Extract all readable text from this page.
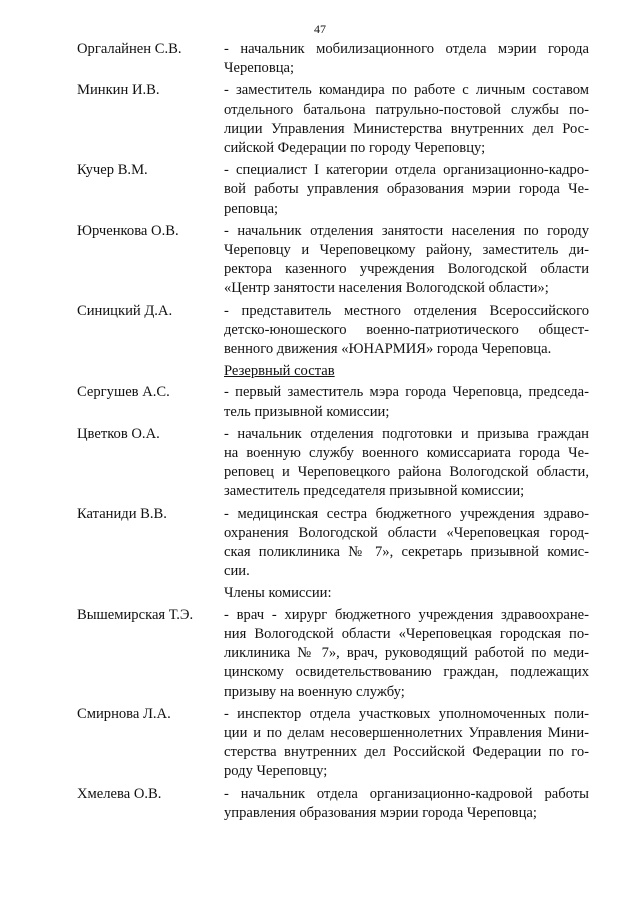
47
Оргалайнен С.В.	- начальник мобилизационного отдела мэрии города
Череповца;
Минкин И.В.	- заместитель командира по работе с личным составом
отдельного батальона патрульно-постовой службы по-
лиции Управления Министерства внутренних дел Рос-
сийской Федерации по городу Череповцу;
Кучер В.М.	- специалист I категории отдела организационно-кадро-
вой работы управления образования мэрии города Че-
реповца;
Юрченкова О.В.	- начальник отделения занятости населения по городу
Череповцу и Череповецкому району, заместитель ди-
ректора казенного учреждения Вологодской области
«Центр занятости населения Вологодской области»;
Синицкий Д.А.	- представитель местного отделения Всероссийского
детско-юношеского военно-патриотического общест-
венного движения «ЮНАРМИЯ» города Череповца.
Резервный состав
Сергушев А.С.	- первый заместитель мэра города Череповца, председа-
тель призывной комиссии;
Цветков О.А.	- начальник отделения подготовки и призыва граждан
на военную службу военного комиссариата города Че-
реповец и Череповецкого района Вологодской области,
заместитель председателя призывной комиссии;
Катаниди В.В.	- медицинская сестра бюджетного учреждения здраво-
охранения Вологодской области «Череповецкая город-
ская поликлиника № 7», секретарь призывной комис-
сии.
Члены комиссии:
Вышемирская Т.Э.	- врач - хирург бюджетного учреждения здравоохране-
ния Вологодской области «Череповецкая городская по-
ликлиника № 7», врач, руководящий работой по меди-
цинскому освидетельствованию граждан, подлежащих
призыву на военную службу;
Смирнова Л.А.	- инспектор отдела участковых уполномоченных поли-
ции и по делам несовершеннолетних Управления Мини-
стерства внутренних дел Российской Федерации по го-
роду Череповцу;
Хмелева О.В.	- начальник отдела организационно-кадровой работы
управления образования мэрии города Череповца;
